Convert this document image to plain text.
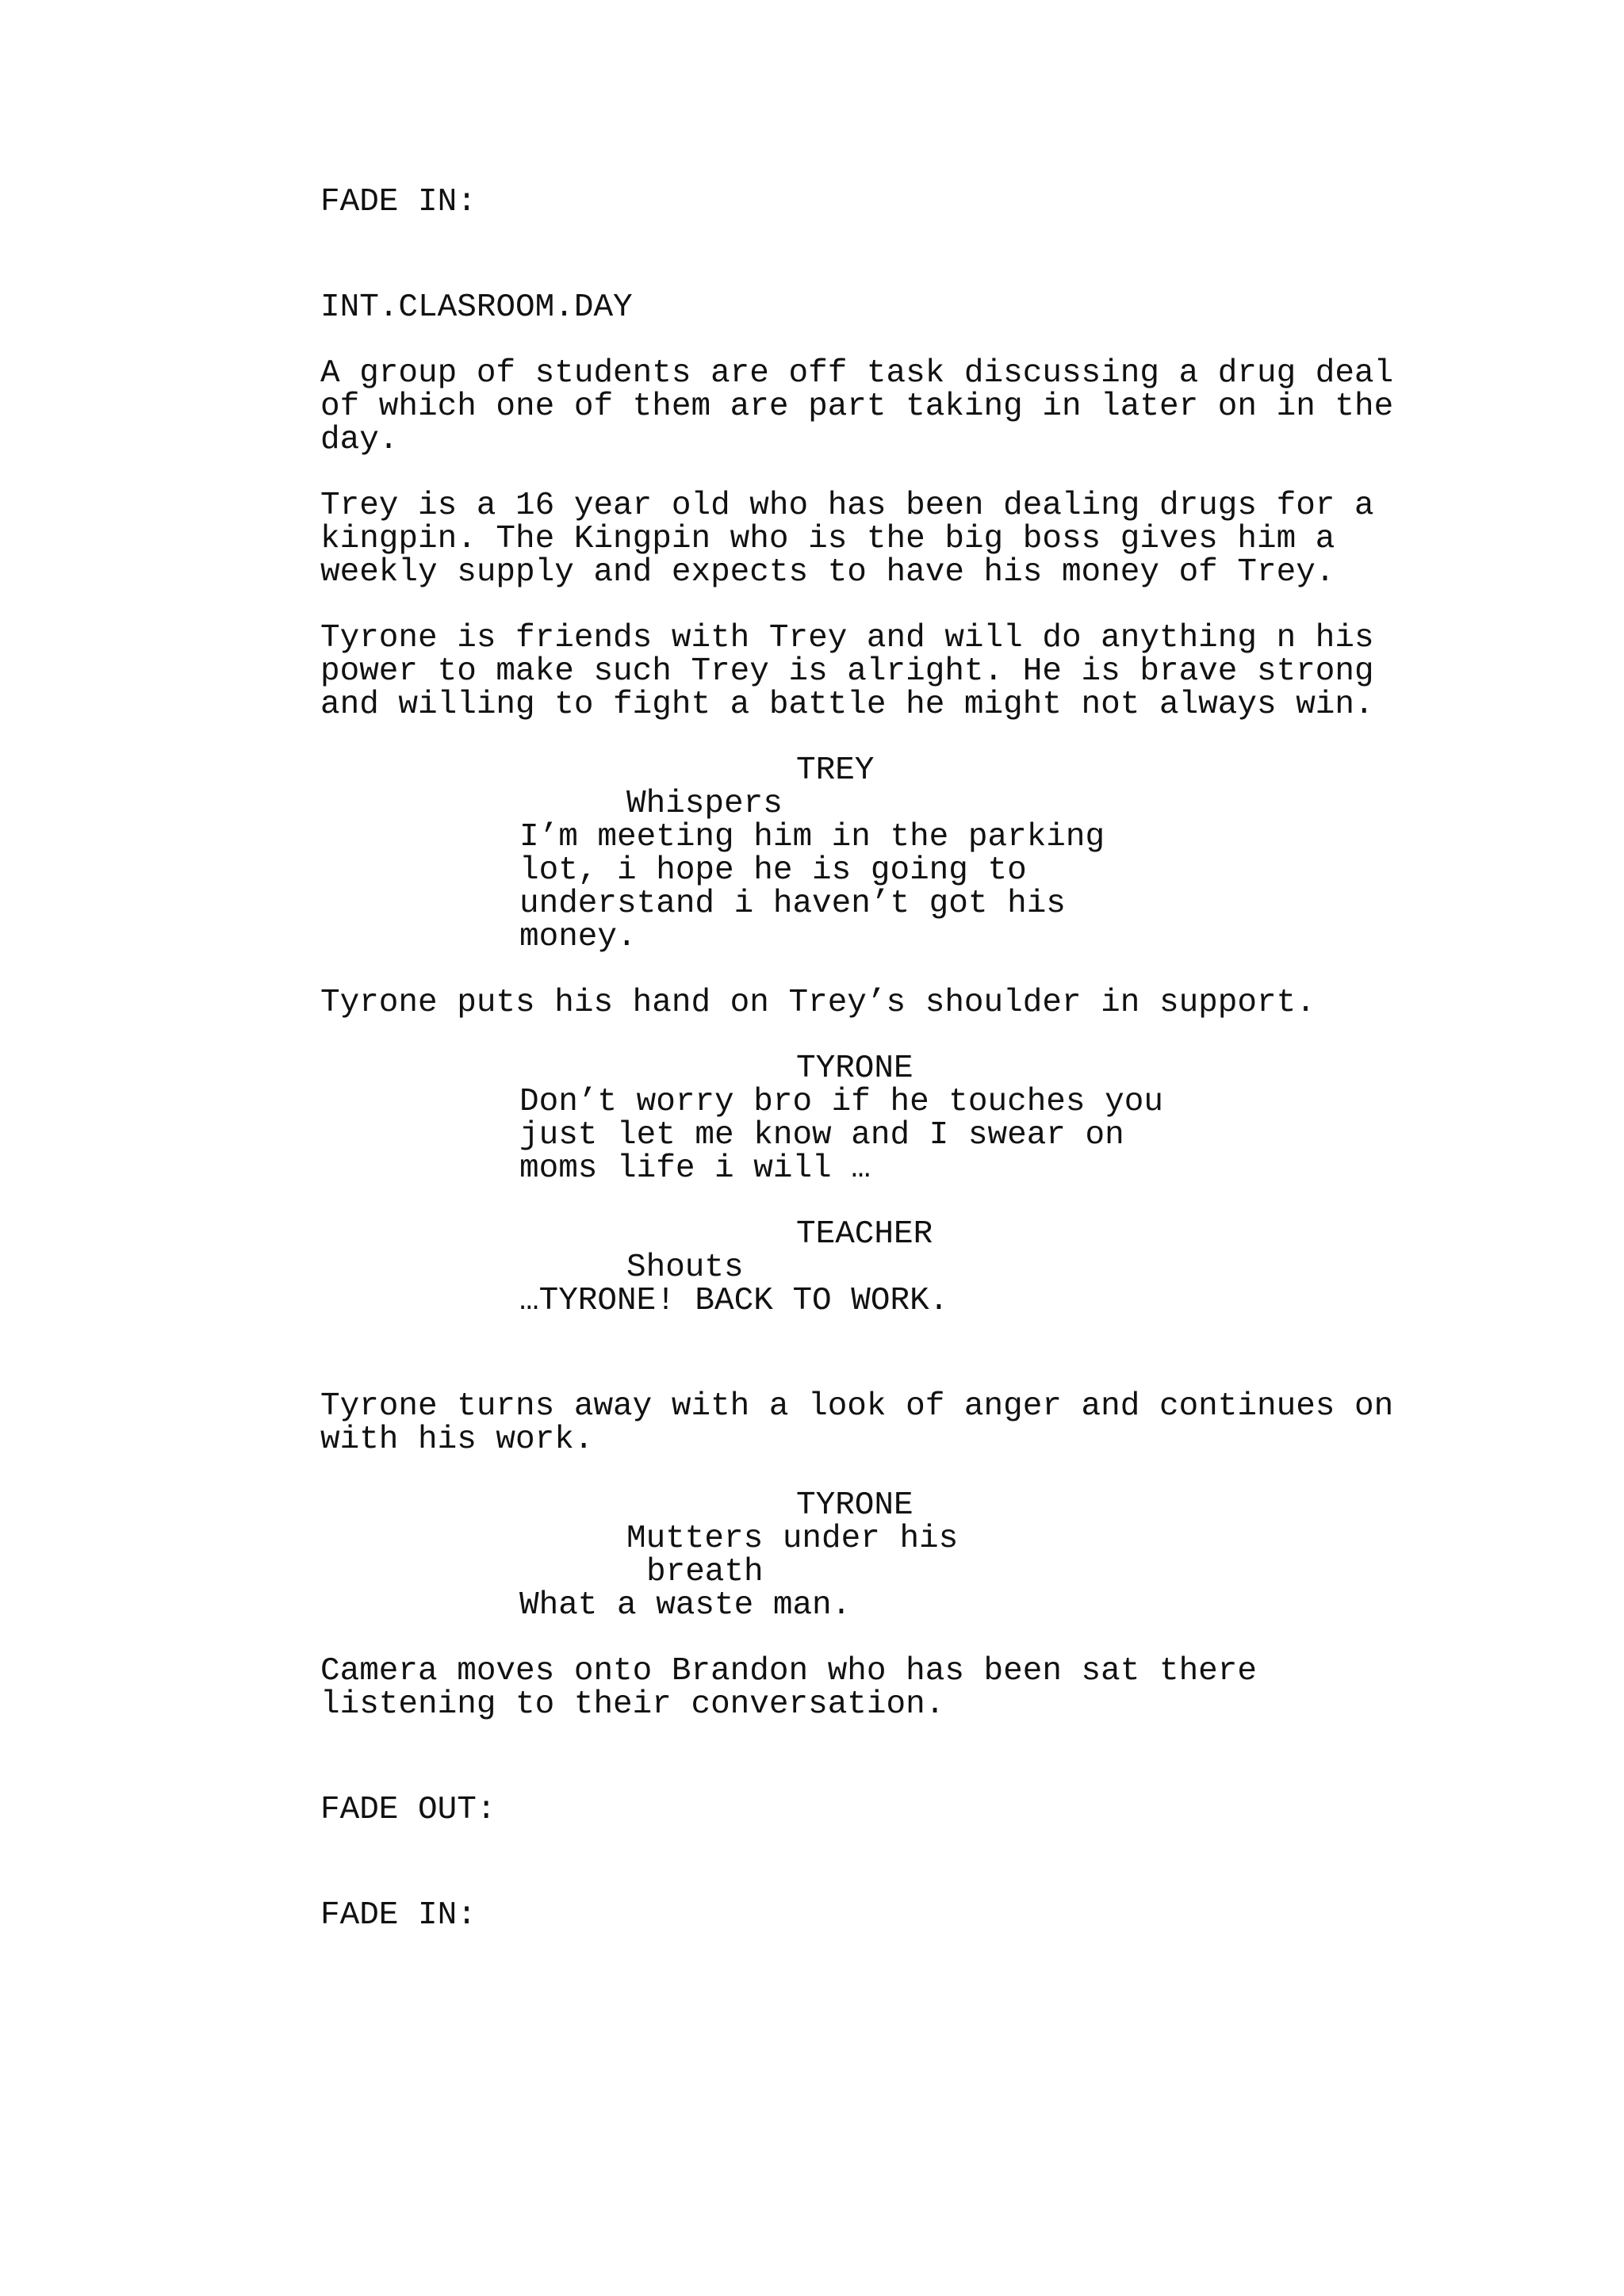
FADE IN:

INT.CLASROOM.DAY

A group of students are off task discussing a drug deal

of which one of them are part taking in later on in the

day.

Trey is a 16 year old who has been dealing drugs for a

kingpin. The Kingpin who is the big boss gives him a

weekly supply and expects to have his money of Trey.

Tyrone is friends with Trey and will do anything n his

power to make such Trey is alright. He is brave strong

and willing to fight a battle he might not always win.

TREY

Whispers

I’m meeting him in the parking

lot, i hope he is going to

understand i haven’t got his

money.

Tyrone puts his hand on Trey’s shoulder in support.

TYRONE

Don’t worry bro if he touches you

just let me know and I swear on

moms life i will …

TEACHER

Shouts

…TYRONE! BACK TO WORK.

Tyrone turns away with a look of anger and continues on

with his work.

TYRONE

Mutters under his

breath

What a waste man.

Camera moves onto Brandon who has been sat there

listening to their conversation.

FADE OUT:

FADE IN:
